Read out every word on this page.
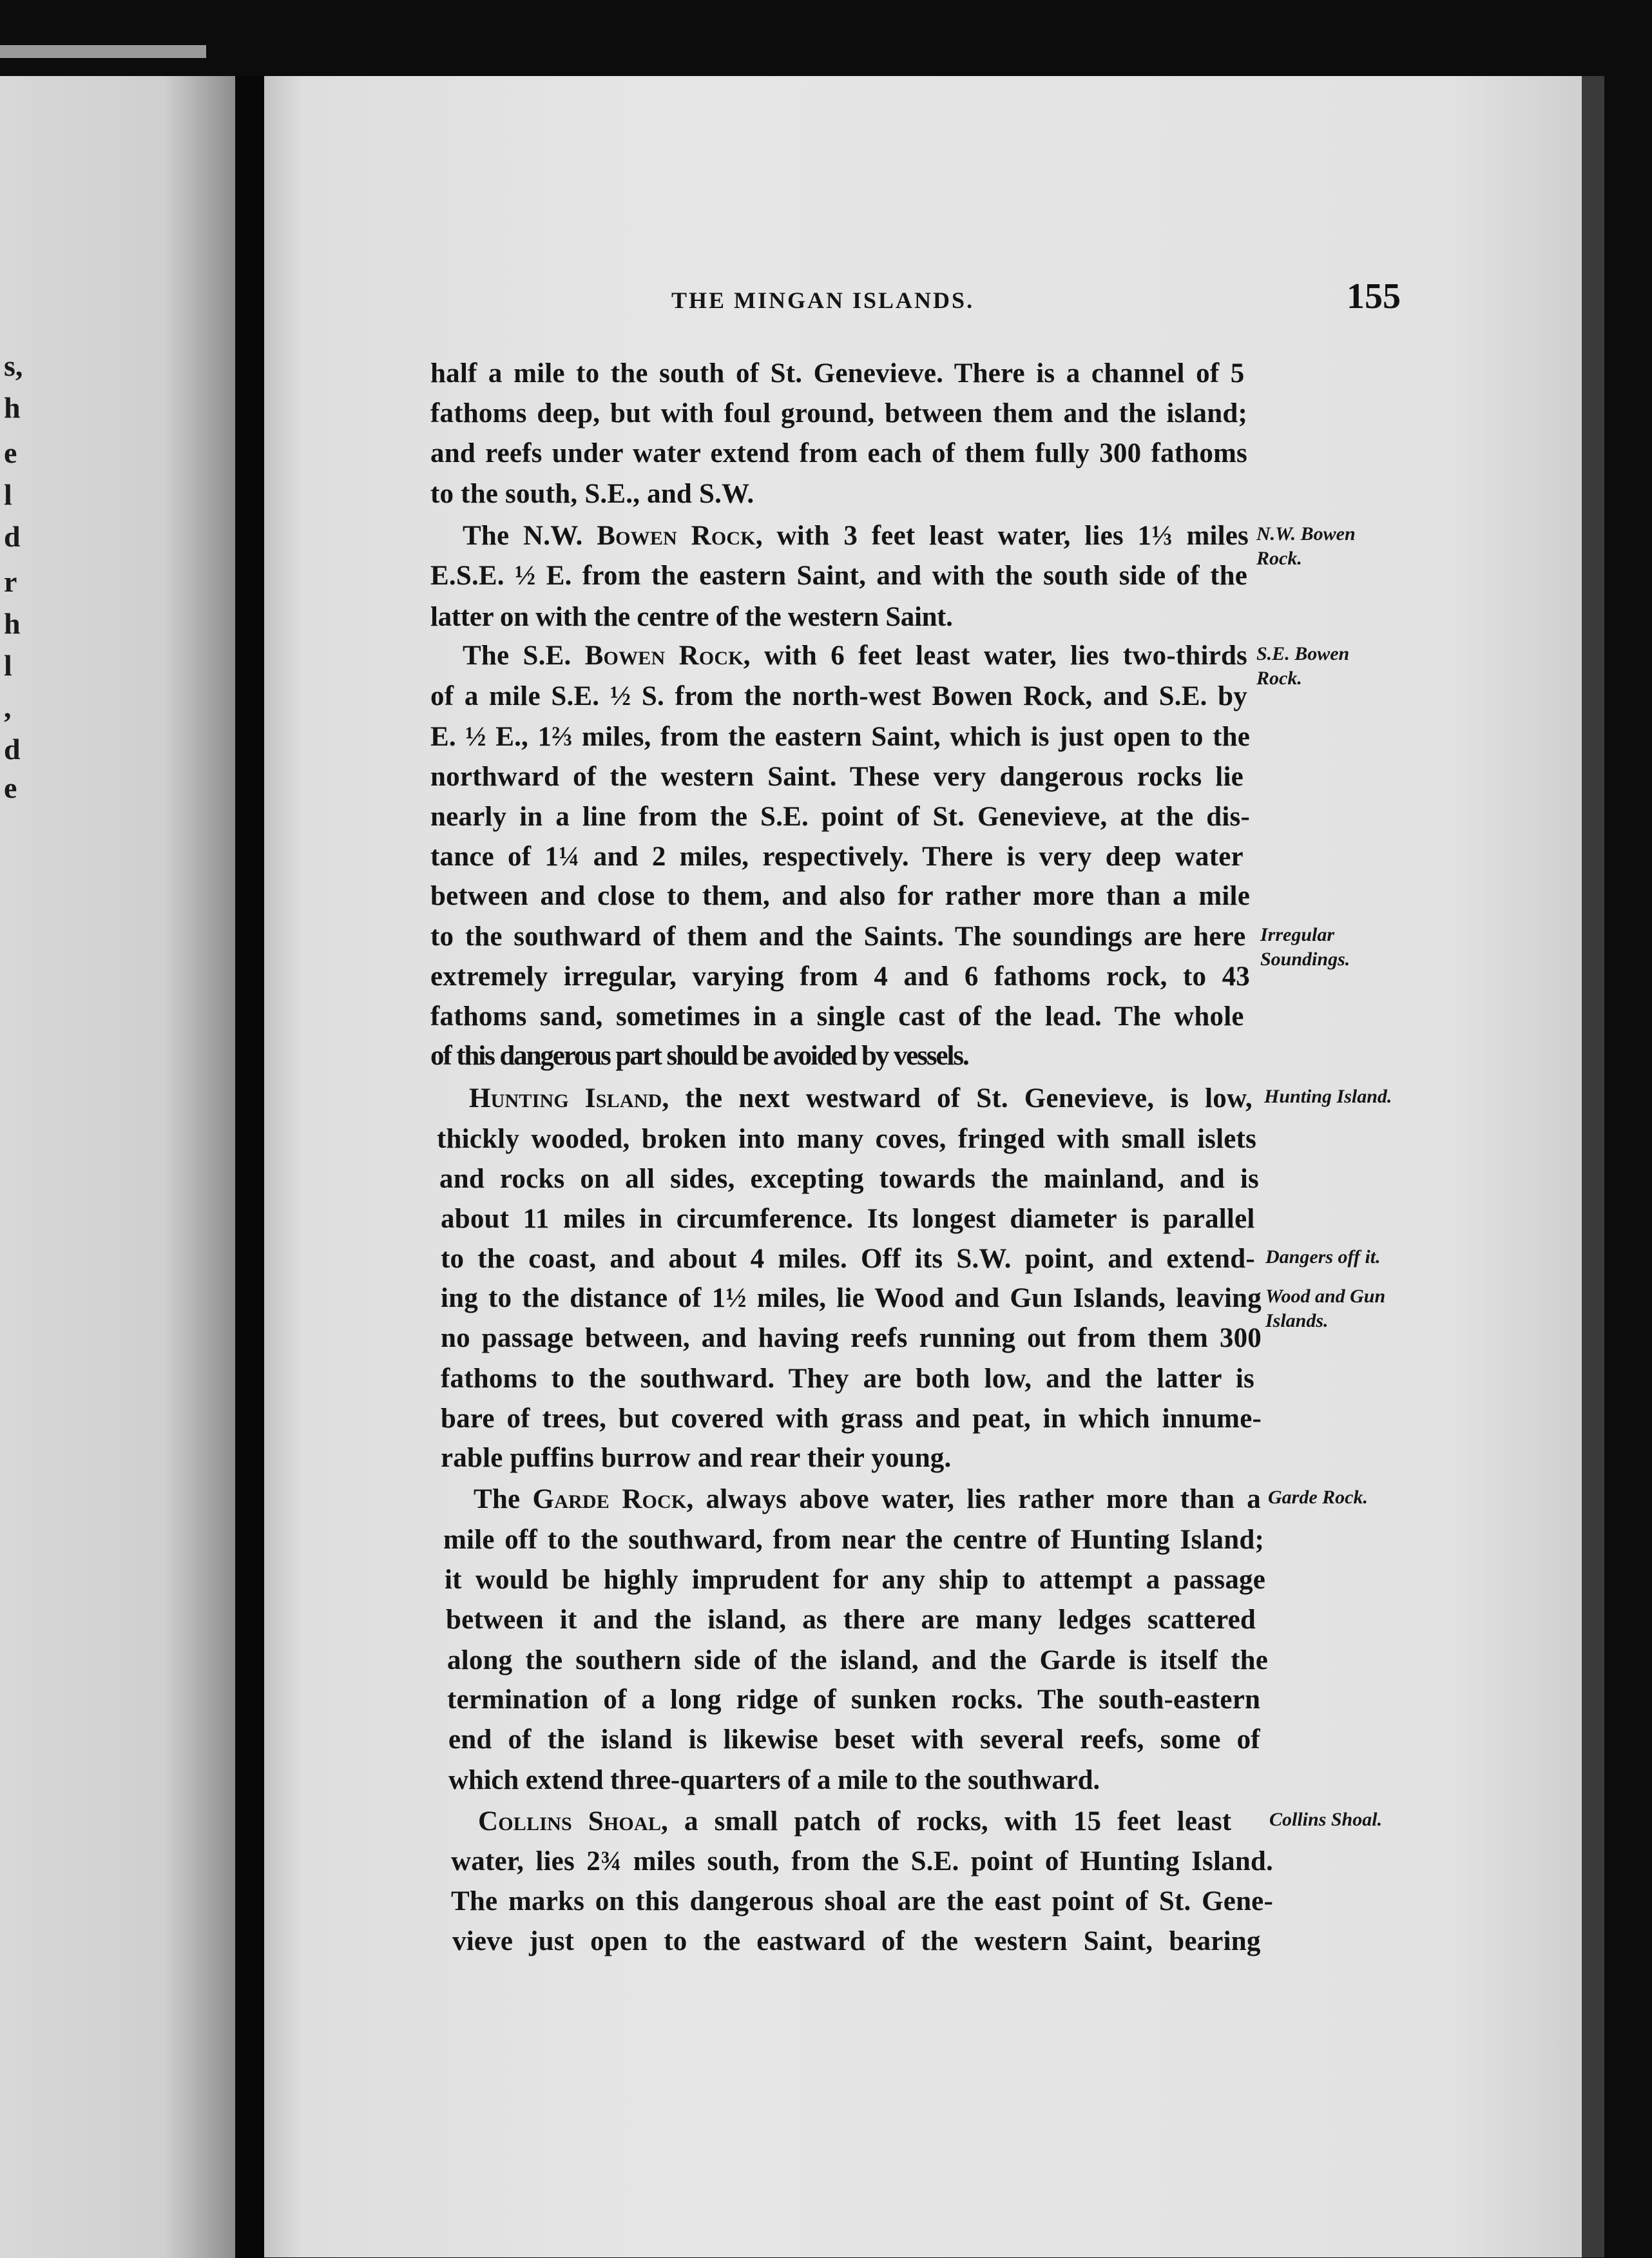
s,
h
e
l
d
r
h
l
,
d
e
THE MINGAN ISLANDS.	155
half a mile to the south of St. Genevieve. There is a channel of 5
fathoms deep, but with foul ground, between them and the island;
and reefs under water extend from each of them fully 300 fathoms
to the south, S.E., and S.W.
The N.W. Bowen Rock, with 3 feet least water, lies 1⅓ miles
E.S.E. ½ E. from the eastern Saint, and with the south side of the
latter on with the centre of the western Saint.
The S.E. Bowen Rock, with 6 feet least water, lies two-thirds
of a mile S.E. ½ S. from the north-west Bowen Rock, and S.E. by
E. ½ E., 1⅔ miles, from the eastern Saint, which is just open to the
northward of the western Saint. These very dangerous rocks lie
nearly in a line from the S.E. point of St. Genevieve, at the dis-
tance of 1¼ and 2 miles, respectively. There is very deep water
between and close to them, and also for rather more than a mile
to the southward of them and the Saints. The soundings are here
extremely irregular, varying from 4 and 6 fathoms rock, to 43
fathoms sand, sometimes in a single cast of the lead. The whole
of this dangerous part should be avoided by vessels.
Hunting Island, the next westward of St. Genevieve, is low,
thickly wooded, broken into many coves, fringed with small islets
and rocks on all sides, excepting towards the mainland, and is
about 11 miles in circumference. Its longest diameter is parallel
to the coast, and about 4 miles. Off its S.W. point, and extend-
ing to the distance of 1½ miles, lie Wood and Gun Islands, leaving
no passage between, and having reefs running out from them 300
fathoms to the southward. They are both low, and the latter is
bare of trees, but covered with grass and peat, in which innume-
rable puffins burrow and rear their young.
The Garde Rock, always above water, lies rather more than a
mile off to the southward, from near the centre of Hunting Island;
it would be highly imprudent for any ship to attempt a passage
between it and the island, as there are many ledges scattered
along the southern side of the island, and the Garde is itself the
termination of a long ridge of sunken rocks. The south-eastern
end of the island is likewise beset with several reefs, some of
which extend three-quarters of a mile to the southward.
Collins Shoal, a small patch of rocks, with 15 feet least
water, lies 2¾ miles south, from the S.E. point of Hunting Island.
The marks on this dangerous shoal are the east point of St. Gene-
vieve just open to the eastward of the western Saint, bearing
N.W. Bowen
Rock.
S.E. Bowen
Rock.
Irregular
Soundings.
Hunting Island.
Dangers off it.
Wood and Gun
Islands.
Garde Rock.
Collins Shoal.
